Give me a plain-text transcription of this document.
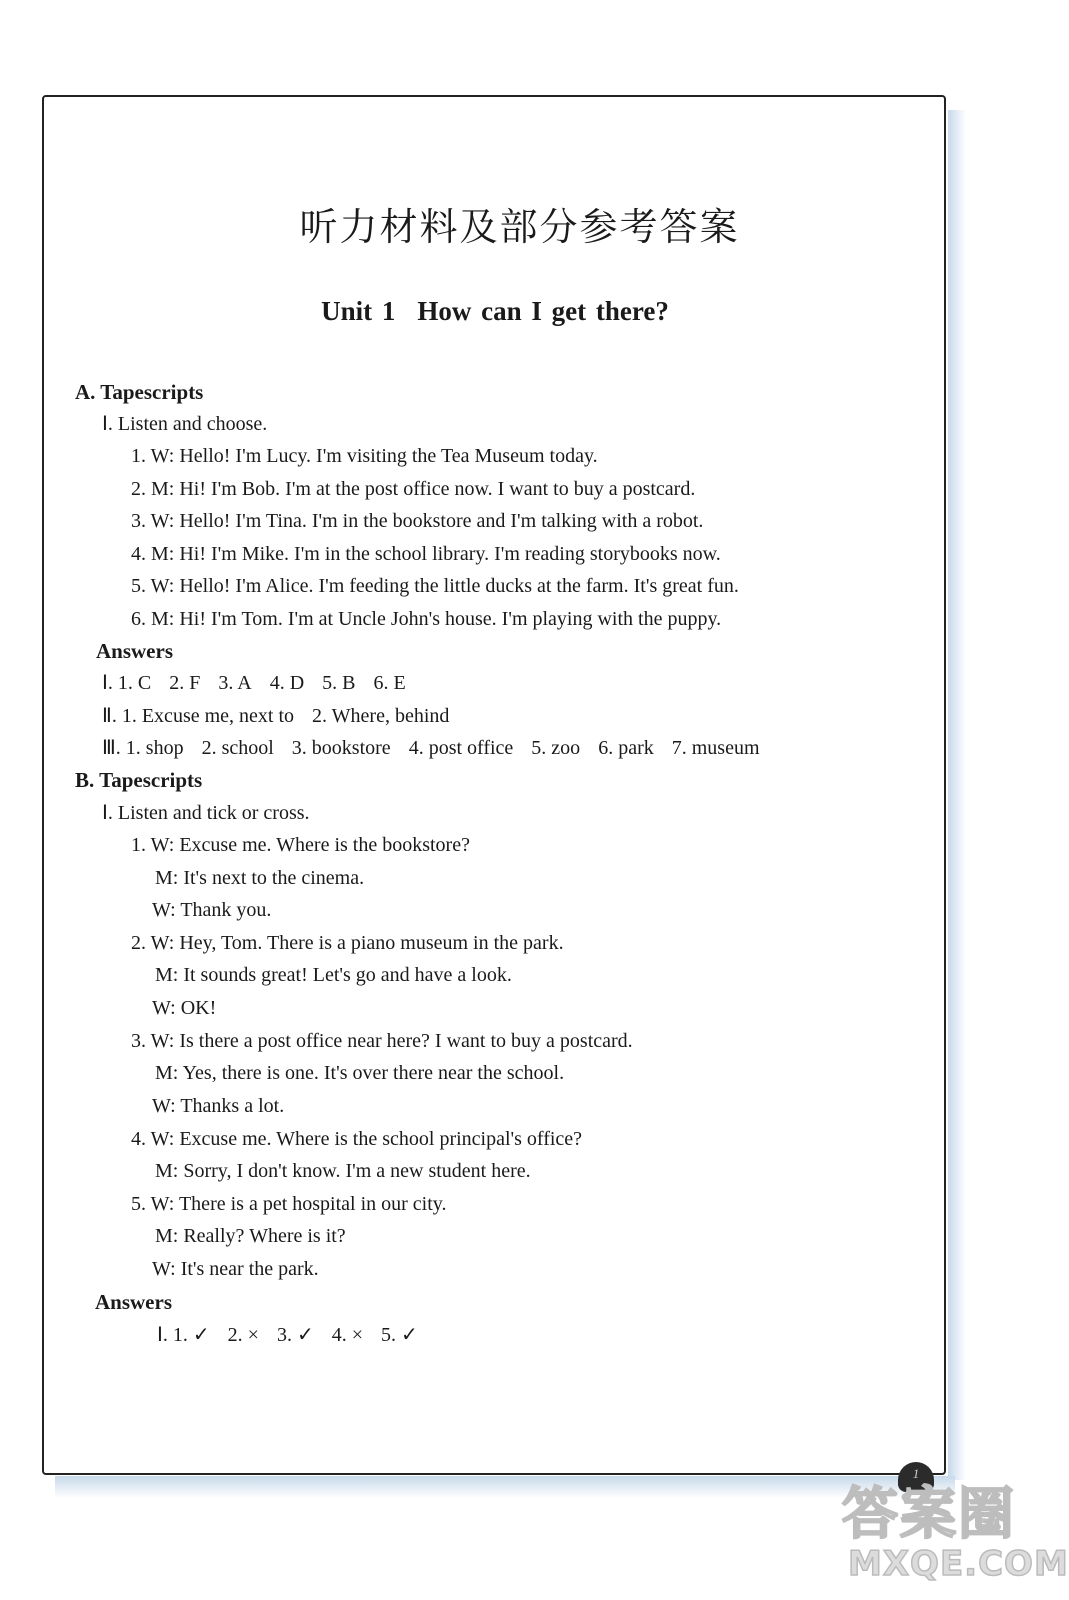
听力材料及部分参考答案
Unit 1 How can I get there?
A. Tapescripts
Ⅰ. Listen and choose.
1. W: Hello! I'm Lucy. I'm visiting the Tea Museum today.
2. M: Hi! I'm Bob. I'm at the post office now. I want to buy a postcard.
3. W: Hello! I'm Tina. I'm in the bookstore and I'm talking with a robot.
4. M: Hi! I'm Mike. I'm in the school library. I'm reading storybooks now.
5. W: Hello! I'm Alice. I'm feeding the little ducks at the farm. It's great fun.
6. M: Hi! I'm Tom. I'm at Uncle John's house. I'm playing with the puppy.
Answers
Ⅰ. 1. C 2. F 3. A 4. D 5. B 6. E
Ⅱ. 1. Excuse me, next to 2. Where, behind
Ⅲ. 1. shop 2. school 3. bookstore 4. post office 5. zoo 6. park 7. museum
B. Tapescripts
Ⅰ. Listen and tick or cross.
1. W: Excuse me. Where is the bookstore?
M: It's next to the cinema.
W: Thank you.
2. W: Hey, Tom. There is a piano museum in the park.
M: It sounds great! Let's go and have a look.
W: OK!
3. W: Is there a post office near here? I want to buy a postcard.
M: Yes, there is one. It's over there near the school.
W: Thanks a lot.
4. W: Excuse me. Where is the school principal's office?
M: Sorry, I don't know. I'm a new student here.
5. W: There is a pet hospital in our city.
M: Really? Where is it?
W: It's near the park.
Answers
Ⅰ. 1. ✓ 2. × 3. ✓ 4. × 5. ✓
1
答案圈
MXQE.COM
